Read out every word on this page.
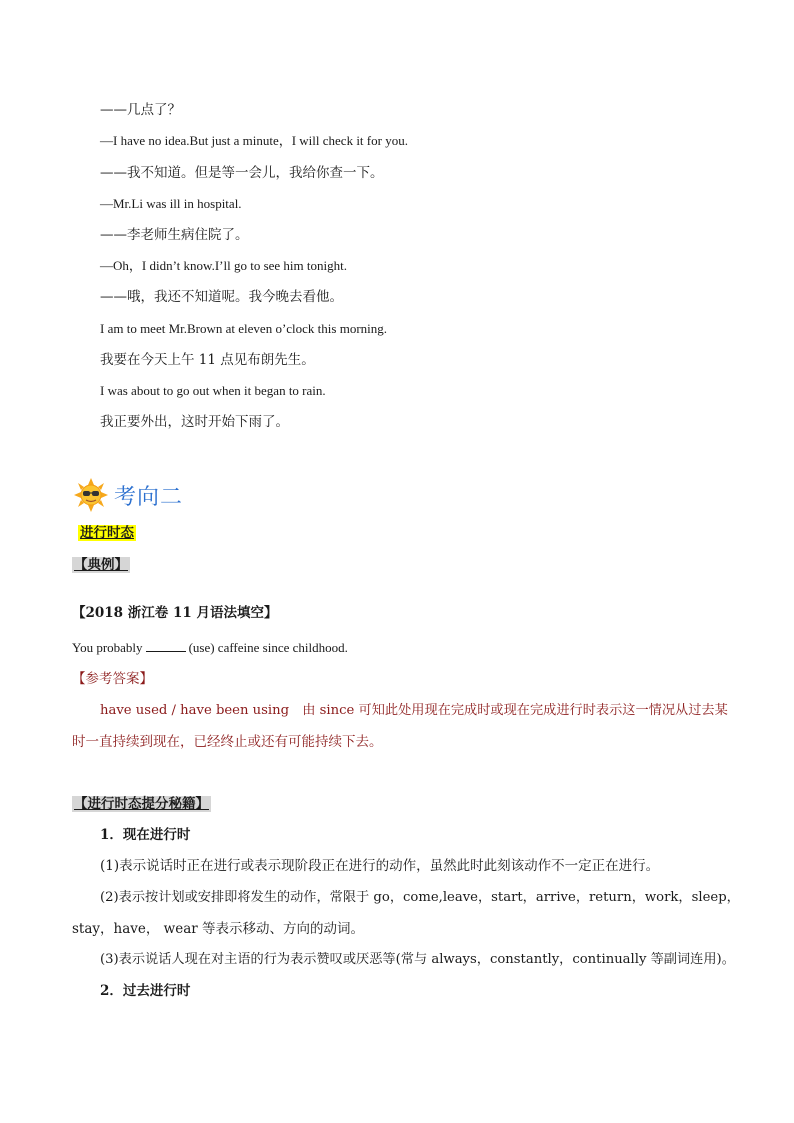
——几点了？
—I have no idea.But just a minute，I will check it for you.
——我不知道。但是等一会儿，我给你查一下。
—Mr.Li was ill in hospital.
——李老师生病住院了。
—Oh，I didn’t know.I’ll go to see him tonight.
——哦，我还不知道呢。我今晚去看他。
I am to meet Mr.Brown at eleven o’clock this morning.
我要在今天上午 11 点见布朗先生。
I was about to go out when it began to rain.
我正要外出，这时开始下雨了。
考向二
进行时态
【典例】
【2018 浙江卷 11 月语法填空】
You probably	(use) caffeine since childhood.
【参考答案】
have used / have been using　由 since 可知此处用现在完成时或现在完成进行时表示这一情况从过去某
时一直持续到现在，已经终止或还有可能持续下去。
【进行时态提分秘籍】
1．现在进行时
(1)表示说话时正在进行或表示现阶段正在进行的动作，虽然此时此刻该动作不一定正在进行。
(2)表示按计划或安排即将发生的动作，常限于 go，come,leave，start，arrive，return，work，sleep，
stay，have， wear 等表示移动、方向的动词。
(3)表示说话人现在对主语的行为表示赞叹或厌恶等(常与 always，constantly，continually 等副词连用)。
2．过去进行时
